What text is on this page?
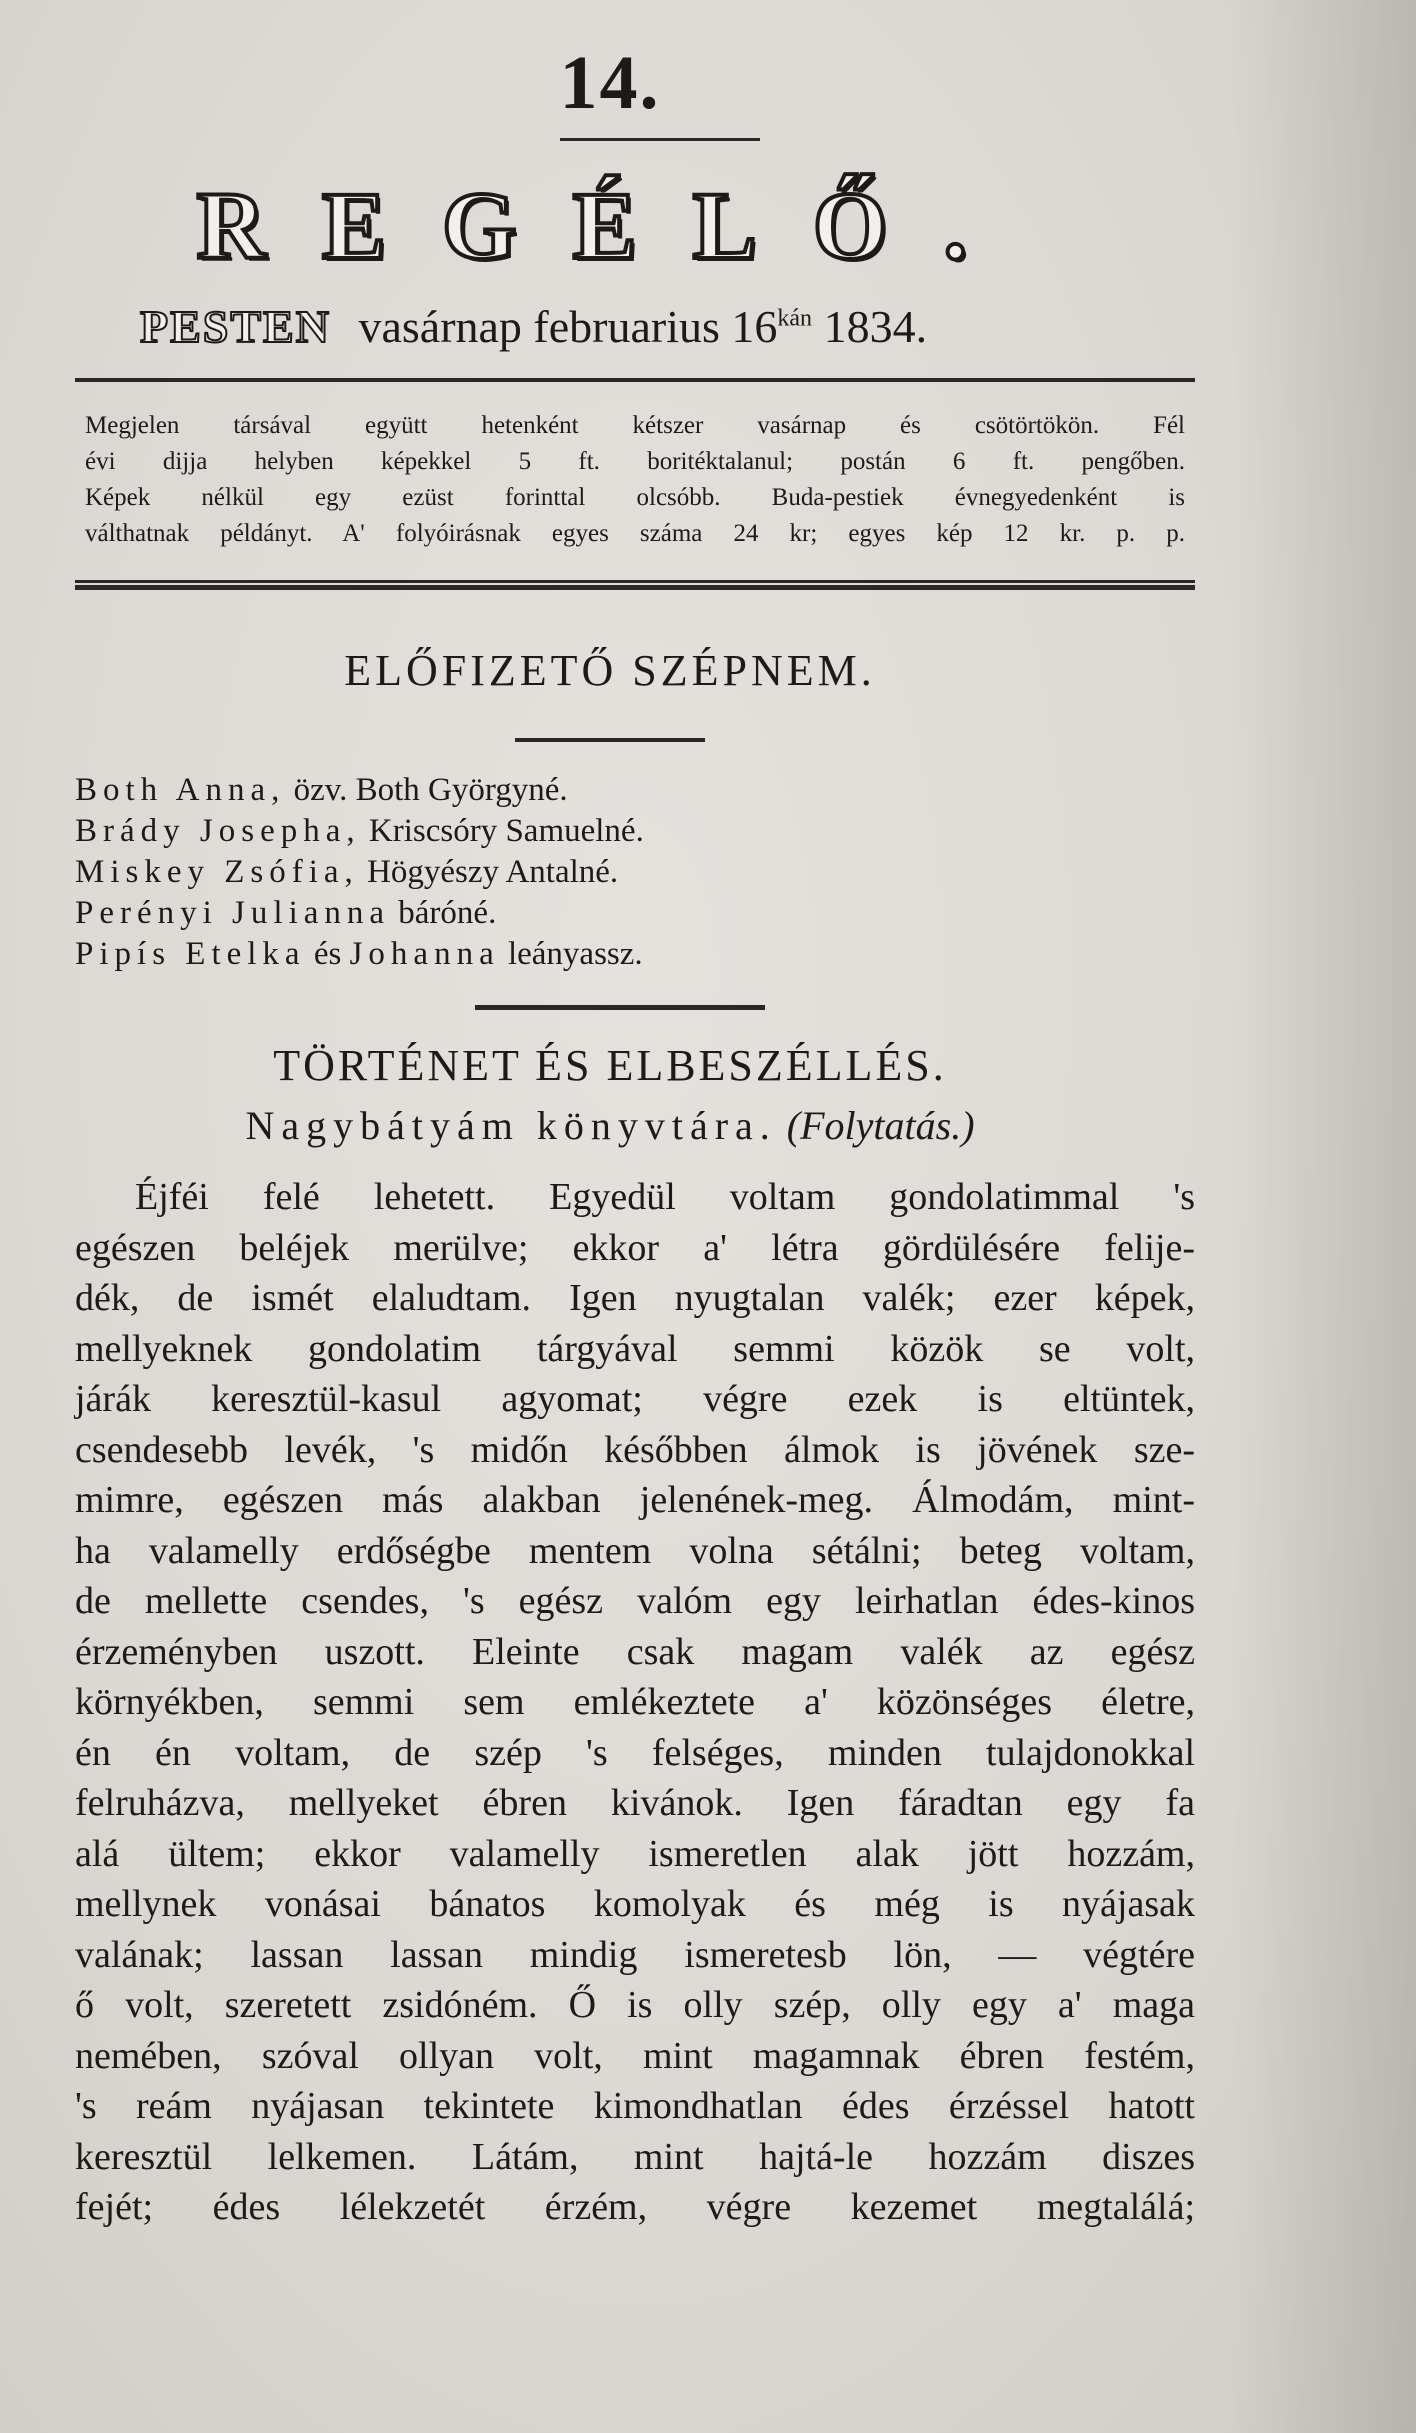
14.
REGÉLŐ.
PESTEN vasárnap februarius $16^{kán}$ 1834.
Megjelen társával együtt hetenként kétszer vasárnap és csötörtökön. Fél
évi dijja helyben képekkel 5 ft. boritéktalanul; postán 6 ft. pengőben.
Képek nélkül egy ezüst forinttal olcsóbb. Buda-pestiek évnegyedenként is
válthatnak példányt. A' folyóirásnak egyes száma 24 kr; egyes kép 12 kr. p. p.
ELŐFIZETŐ SZÉPNEM.
Both Anna, özv. Both Györgyné.
Brády Josepha, Kriscsóry Samuelné.
Miskey Zsófia, Högyészy Antalné.
Perényi Julianna báróné.
Pipís Etelka és Johanna leányassz.
TÖRTÉNET ÉS ELBESZÉLLÉS.
Nagybátyám könyvtára. (Folytatás.)
Éjféi felé lehetett. Egyedül voltam gondolatimmal 's
egészen beléjek merülve; ekkor a' létra gördülésére felije-
dék, de ismét elaludtam. Igen nyugtalan valék; ezer képek,
mellyeknek gondolatim tárgyával semmi közök se volt,
járák keresztül-kasul agyomat; végre ezek is eltüntek,
csendesebb levék, 's midőn későbben álmok is jövének sze-
mimre, egészen más alakban jelenének-meg. Álmodám, mint-
ha valamelly erdőségbe mentem volna sétálni; beteg voltam,
de mellette csendes, 's egész valóm egy leirhatlan édes-kinos
érzeményben uszott. Eleinte csak magam valék az egész
környékben, semmi sem emlékeztete a' közönséges életre,
én én voltam, de szép 's felséges, minden tulajdonokkal
felruházva, mellyeket ébren kivánok. Igen fáradtan egy fa
alá ültem; ekkor valamelly ismeretlen alak jött hozzám,
mellynek vonásai bánatos komolyak és még is nyájasak
valának; lassan lassan mindig ismeretesb lön, — végtére
ő volt, szeretett zsidóném. Ő is olly szép, olly egy a' maga
nemében, szóval ollyan volt, mint magamnak ébren festém,
's reám nyájasan tekintete kimondhatlan édes érzéssel hatott
keresztül lelkemen. Látám, mint hajtá-le hozzám diszes
fejét; édes lélekzetét érzém, végre kezemet megtalálá;
